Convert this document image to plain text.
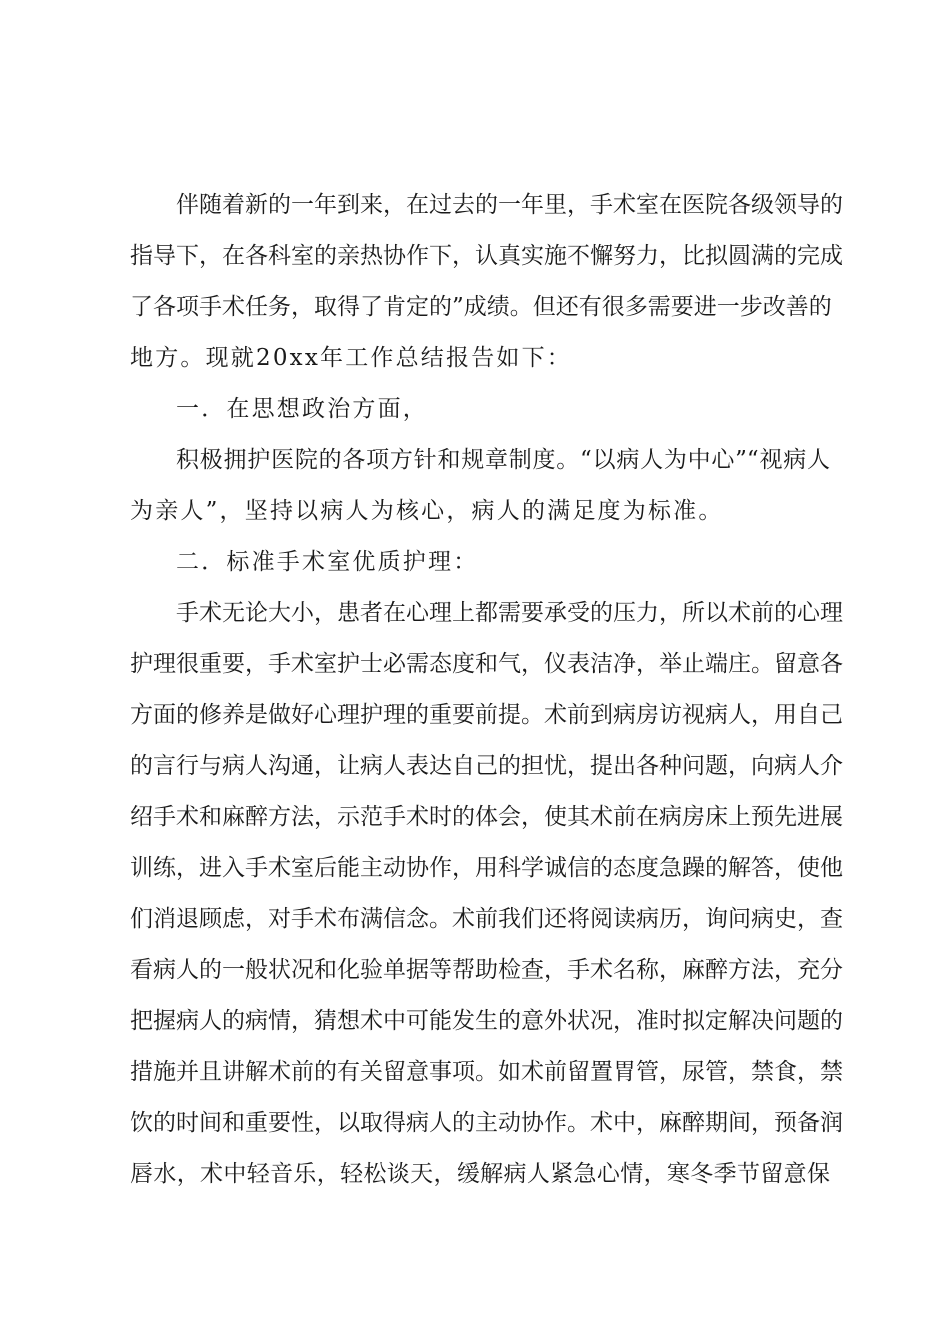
伴随着新的一年到来，在过去的一年里，手术室在医院各级领导的
指导下，在各科室的亲热协作下，认真实施不懈努力，比拟圆满的完成
了各项手术任务，取得了肯定的”成绩。但还有很多需要进一步改善的
地方。现就20xx年工作总结报告如下：
一．在思想政治方面，
积极拥护医院的各项方针和规章制度。“以病人为中心”“视病人
为亲人”，坚持以病人为核心，病人的满足度为标准。
二．标准手术室优质护理：
手术无论大小，患者在心理上都需要承受的压力，所以术前的心理
护理很重要，手术室护士必需态度和气，仪表洁净，举止端庄。留意各
方面的修养是做好心理护理的重要前提。术前到病房访视病人，用自己
的言行与病人沟通，让病人表达自己的担忧，提出各种问题，向病人介
绍手术和麻醉方法，示范手术时的体会，使其术前在病房床上预先进展
训练，进入手术室后能主动协作，用科学诚信的态度急躁的解答，使他
们消退顾虑，对手术布满信念。术前我们还将阅读病历，询问病史，查
看病人的一般状况和化验单据等帮助检查，手术名称，麻醉方法，充分
把握病人的病情，猜想术中可能发生的意外状况，准时拟定解决问题的
措施并且讲解术前的有关留意事项。如术前留置胃管，尿管，禁食，禁
饮的时间和重要性，以取得病人的主动协作。术中，麻醉期间，预备润
唇水，术中轻音乐，轻松谈天，缓解病人紧急心情，寒冬季节留意保
